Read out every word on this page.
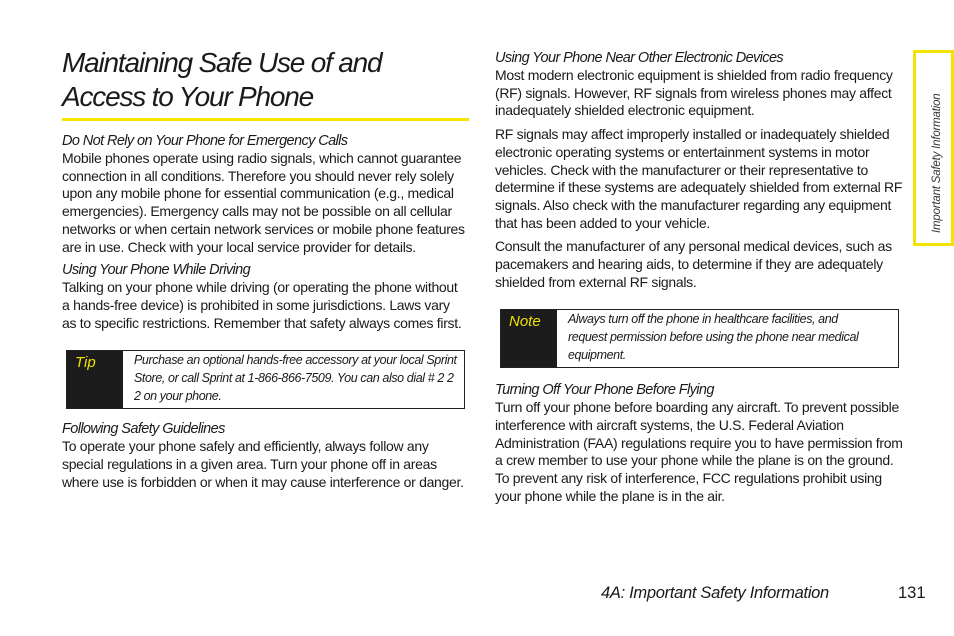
Maintaining Safe Use of and
Access to Your Phone
Do Not Rely on Your Phone for Emergency Calls

Mobile phones operate using radio signals, which cannot guarantee connection in all conditions. Therefore you should never rely solely upon any mobile phone for essential communication (e.g., medical emergencies). Emergency calls may not be possible on all cellular networks or when certain network services or mobile phone features are in use. Check with your local service provider for details.

Using Your Phone While Driving

Talking on your phone while driving (or operating the phone without a hands-free device) is prohibited in some jurisdictions. Laws vary as to specific restrictions. Remember that safety always comes first.

Tip	Purchase an optional hands-free accessory at your local Sprint Store, or call Sprint at 1-866-866-7509. You can also dial # 2 2 2 on your phone.
Following Safety Guidelines

To operate your phone safely and efficiently, always follow any special regulations in a given area. Turn your phone off in areas where use is forbidden or when it may cause interference or danger.

Using Your Phone Near Other Electronic Devices

Most modern electronic equipment is shielded from radio frequency (RF) signals. However, RF signals from wireless phones may affect inadequately shielded electronic equipment.

RF signals may affect improperly installed or inadequately shielded electronic operating systems or entertainment systems in motor vehicles. Check with the manufacturer or their representative to determine if these systems are adequately shielded from external RF signals. Also check with the manufacturer regarding any equipment that has been added to your vehicle.

Consult the manufacturer of any personal medical devices, such as pacemakers and hearing aids, to determine if they are adequately shielded from external RF signals.

Note	Always turn off the phone in healthcare facilities, and request permission before using the phone near medical equipment.
Turning Off Your Phone Before Flying

Turn off your phone before boarding any aircraft. To prevent possible interference with aircraft systems, the U.S. Federal Aviation Administration (FAA) regulations require you to have permission from a crew member to use your phone while the plane is on the ground. To prevent any risk of interference, FCC regulations prohibit using your phone while the plane is in the air.

Important Safety Information
4A: Important Safety Information	131
